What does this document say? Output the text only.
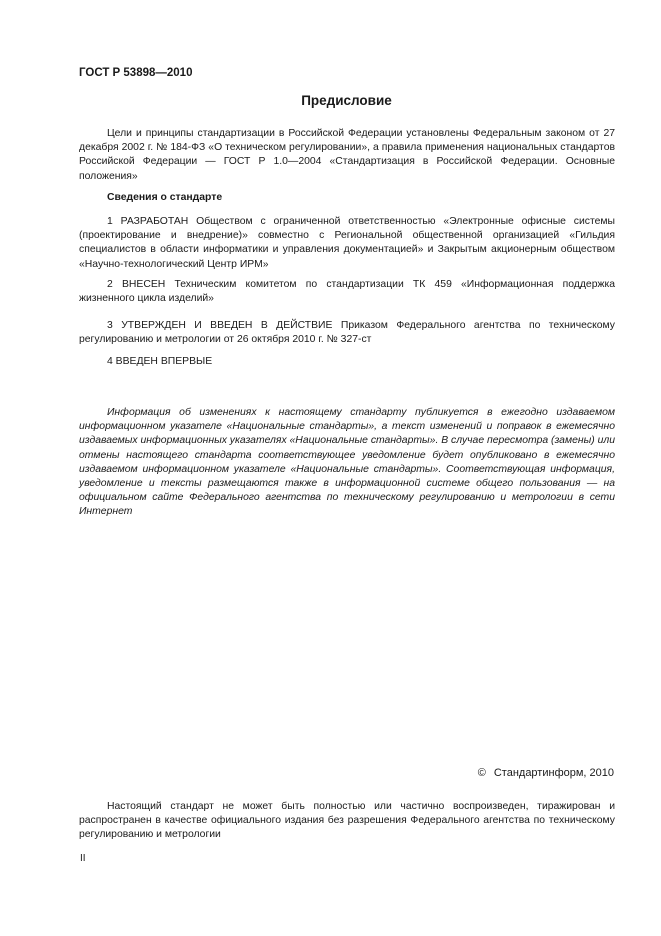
ГОСТ Р 53898—2010
Предисловие

Цели и принципы стандартизации в Российской Федерации установлены Федеральным законом от 27 декабря 2002 г. № 184-ФЗ «О техническом регулировании», а правила применения национальных стандартов Российской Федерации — ГОСТ Р 1.0—2004 «Стандартизация в Российской Федерации. Основные положения»

Сведения о стандарте

1 РАЗРАБОТАН Обществом с ограниченной ответственностью «Электронные офисные системы (проектирование и внедрение)» совместно с Региональной общественной организацией «Гильдия специалистов в области информатики и управления документацией» и Закрытым акционерным обществом «Научно-технологический Центр ИРМ»

2 ВНЕСЕН Техническим комитетом по стандартизации ТК 459 «Информационная поддержка жизненного цикла изделий»

3 УТВЕРЖДЕН И ВВЕДЕН В ДЕЙСТВИЕ Приказом Федерального агентства по техническому регулированию и метрологии от 26 октября 2010 г. № 327-ст

4 ВВЕДЕН ВПЕРВЫЕ

Информация об изменениях к настоящему стандарту публикуется в ежегодно издаваемом информационном указателе «Национальные стандарты», а текст изменений и поправок в ежемесячно издаваемых информационных указателях «Национальные стандарты». В случае пересмотра (замены) или отмены настоящего стандарта соответствующее уведомление будет опубликовано в ежемесячно издаваемом информационном указателе «Национальные стандарты». Соответствующая информация, уведомление и тексты размещаются также в информационной системе общего пользования — на официальном сайте Федерального агентства по техническому регулированию и метрологии в сети Интернет

© Стандартинформ, 2010

Настоящий стандарт не может быть полностью или частично воспроизведен, тиражирован и распространен в качестве официального издания без разрешения Федерального агентства по техническому регулированию и метрологии

II
